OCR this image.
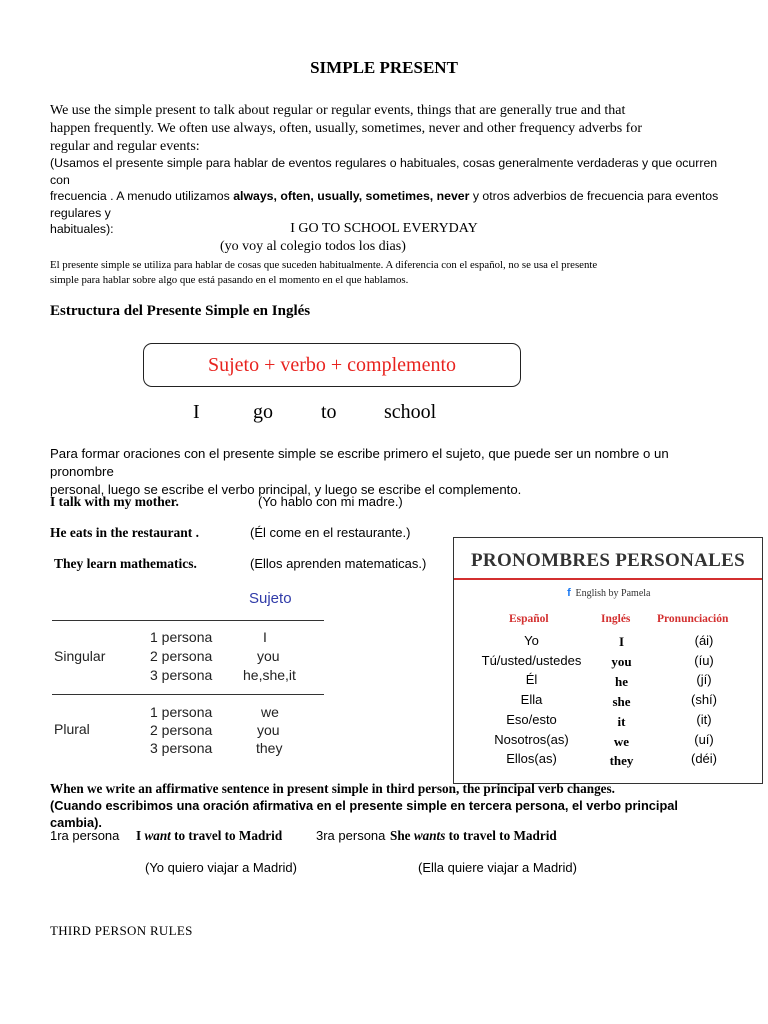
SIMPLE PRESENT
We use the simple present to talk about regular or regular events, things that are generally true and that
happen frequently. We often use always, often, usually, sometimes, never and other frequency adverbs for
regular and regular events:
(Usamos el presente simple para hablar de eventos regulares o habituales, cosas generalmente verdaderas y que ocurren con
frecuencia . A menudo utilizamos always, often, usually, sometimes, never y otros adverbios de frecuencia para eventos regulares y
habituales):	I GO TO SCHOOL EVERYDAY
(yo voy al colegio todos los dias)
El presente simple se utiliza para hablar de cosas que suceden habitualmente. A diferencia con el español, no se usa el presente
simple para hablar sobre algo que está pasando en el momento en el que hablamos.
Estructura del Presente Simple en Inglés
Sujeto + verbo + complemento
I	go to school
Para formar oraciones con el presente simple se escribe primero el sujeto, que puede ser un nombre o un pronombre
personal, luego se escribe el verbo principal, y luego se escribe el complemento.
I talk with my mother.	(Yo hablo con mi madre.)
He eats in the restaurant .	(Él come en el restaurante.)
They learn mathematics.	(Ellos aprenden matematicas.)
Sujeto
Singular
1 persona	I
2 persona	you
3 persona he,she,it
Plural
1 persona	we
2 persona	you
3 persona	they
PRONOMBRES PERSONALES
f English by Pamela
Español	Inglés Pronunciación
Yo	I	(ái)
Tú/usted/ustedes	you	(íu)
Él	he	(jí)
Ella	she	(shí)
Eso/esto	it	(it)
Nosotros(as)	we	(uí)
Ellos(as)	they	(déi)
When we write an affirmative sentence in present simple in third person, the principal verb changes.
(Cuando escribimos una oración afirmativa en el presente simple en tercera persona, el verbo principal cambia).
1ra persona I want to travel to Madrid	3ra persona She wants to travel to Madrid
(Yo quiero viajar a Madrid)	(Ella quiere viajar a Madrid)
THIRD PERSON RULES
